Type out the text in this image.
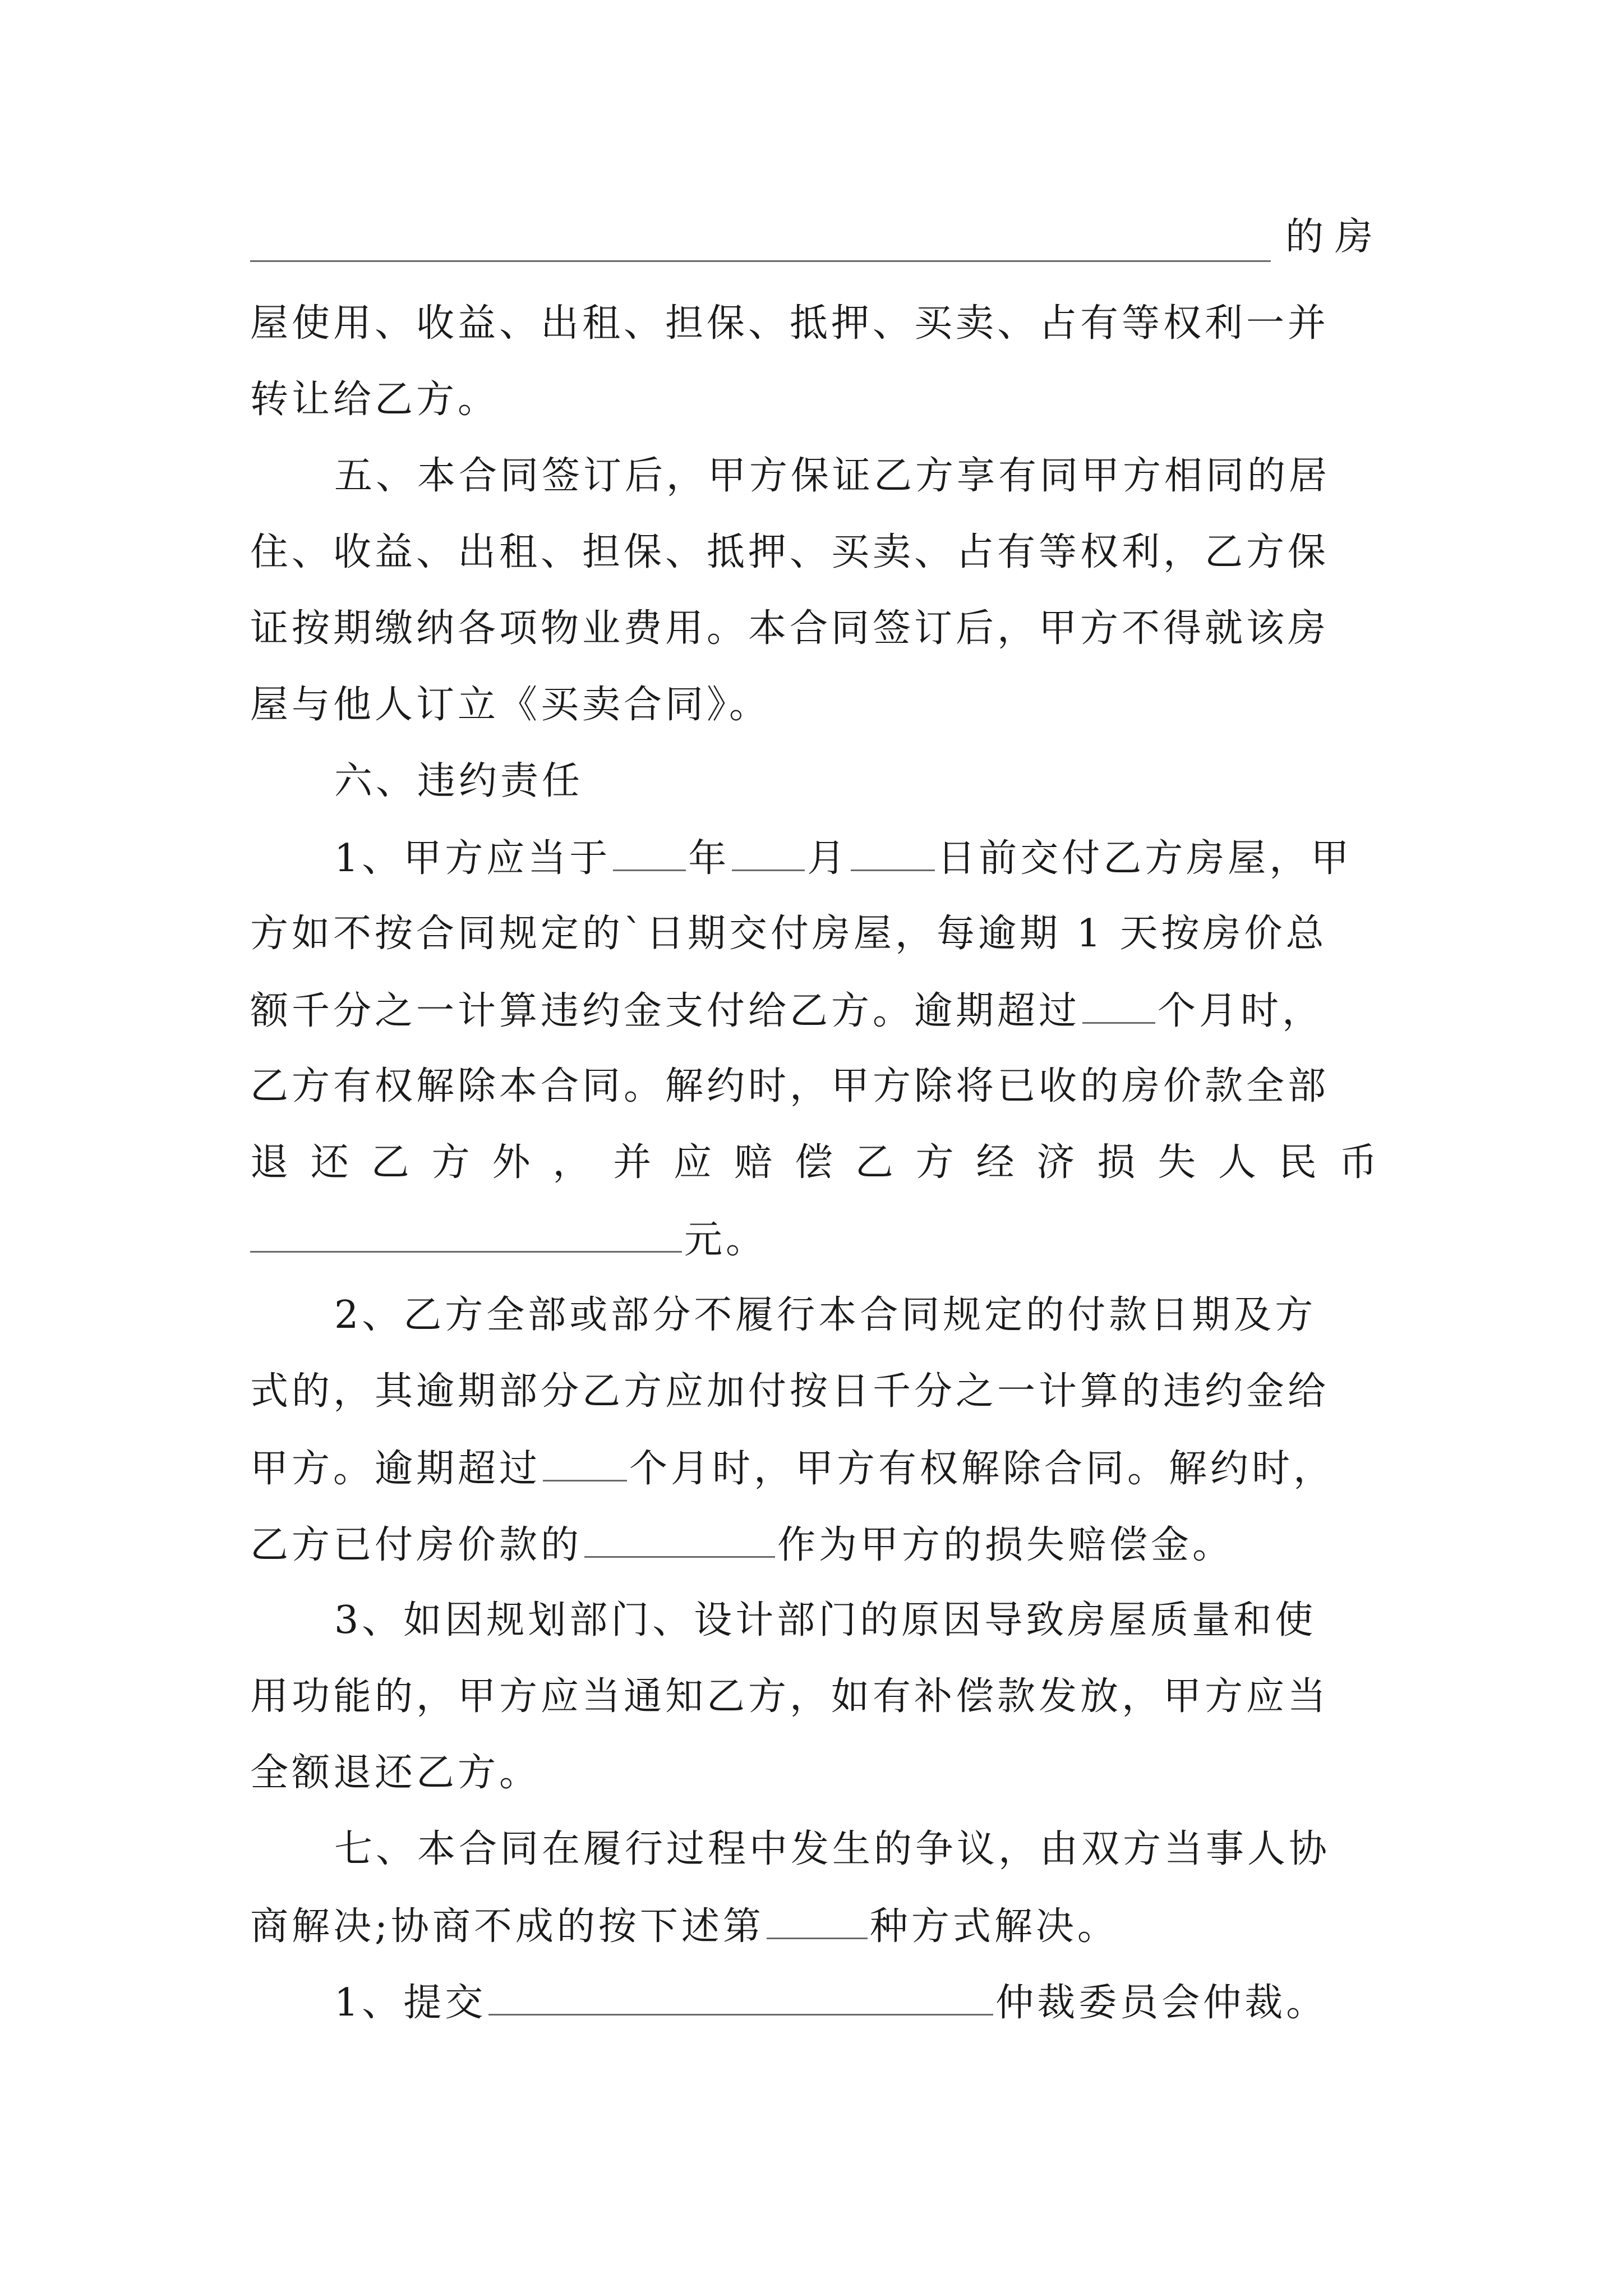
的房
屋使用、收益、出租、担保、抵押、买卖、占有等权利一并
转让给乙方。
五、本合同签订后，甲方保证乙方享有同甲方相同的居
住、收益、出租、担保、抵押、买卖、占有等权利，乙方保
证按期缴纳各项物业费用。本合同签订后，甲方不得就该房
屋与他人订立《买卖合同》。
六、违约责任
1、甲方应当于 年 月 日前交付乙方房屋，甲
方如不按合同规定的`日期交付房屋，每逾期 1 天按房价总
额千分之一计算违约金支付给乙方。逾期超过 个月时，
乙方有权解除本合同。解约时，甲方除将已收的房价款全部
退 还 乙 方 外 ， 并 应 赔 偿 乙 方 经 济 损 失 人 民 币
元。
2、乙方全部或部分不履行本合同规定的付款日期及方
式的，其逾期部分乙方应加付按日千分之一计算的违约金给
甲方。逾期超过 个月时，甲方有权解除合同。解约时，
乙方已付房价款的	作为甲方的损失赔偿金。
3、如因规划部门、设计部门的原因导致房屋质量和使
用功能的，甲方应当通知乙方，如有补偿款发放，甲方应当
全额退还乙方。
七、本合同在履行过程中发生的争议，由双方当事人协
商解决;协商不成的按下述第	种方式解决。
1、提交	仲裁委员会仲裁。
